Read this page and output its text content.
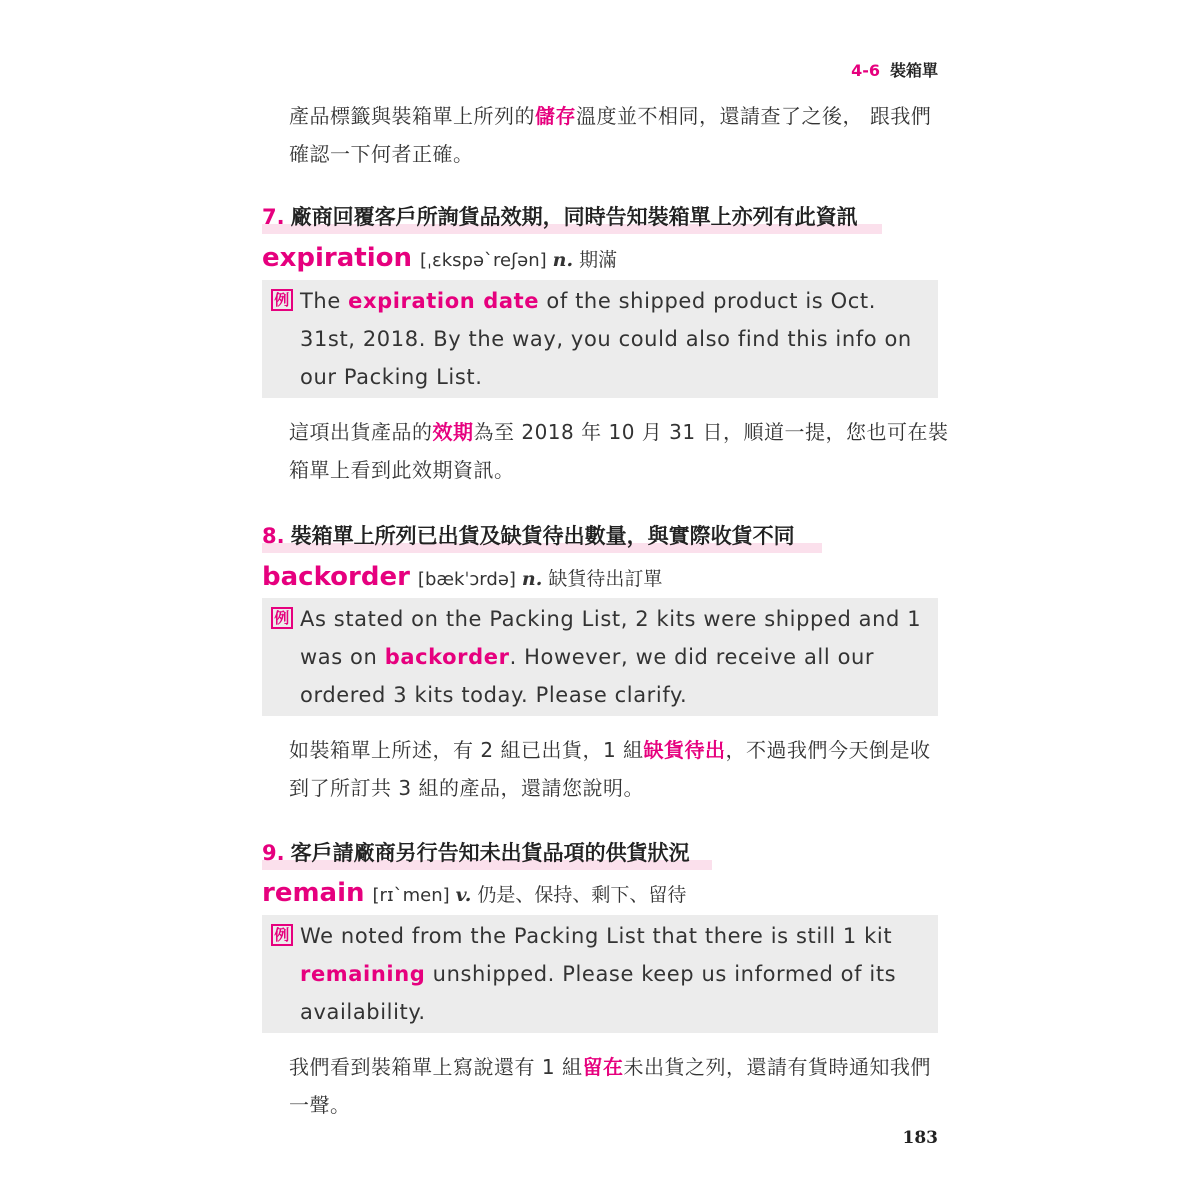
4-6 裝箱單
產品標籤與裝箱單上所列的儲存溫度並不相同，還請查了之後， 跟我們確認一下何者正確。
7. 廠商回覆客戶所詢貨品效期，同時告知裝箱單上亦列有此資訊
expiration [ˌɛkspəˋreʃən] n. 期滿
例 The expiration date of the shipped product is Oct. 31st, 2018. By the way, you could also find this info on our Packing List.
這項出貨產品的效期為至 2018 年 10 月 31 日，順道一提，您也可在裝箱單上看到此效期資訊。
8. 裝箱單上所列已出貨及缺貨待出數量，與實際收貨不同
backorder [bækˈɔrdə] n. 缺貨待出訂單
例 As stated on the Packing List, 2 kits were shipped and 1 was on backorder. However, we did receive all our ordered 3 kits today. Please clarify.
如裝箱單上所述，有 2 組已出貨，1 組缺貨待出，不過我們今天倒是收到了所訂共 3 組的產品，還請您說明。
9. 客戶請廠商另行告知未出貨品項的供貨狀況
remain [rɪˋmen] v. 仍是、保持、剩下、留待
例 We noted from the Packing List that there is still 1 kit remaining unshipped. Please keep us informed of its availability.
我們看到裝箱單上寫說還有 1 組留在未出貨之列，還請有貨時通知我們一聲。
183
